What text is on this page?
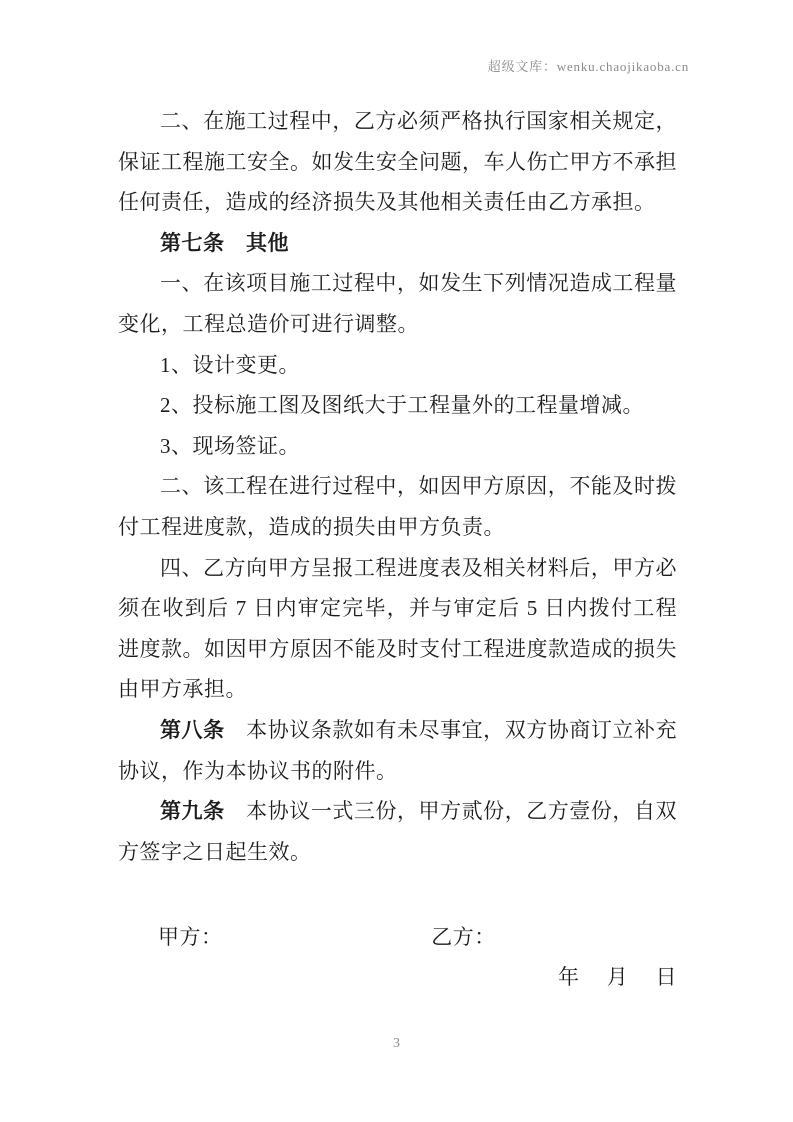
超级文库：wenku.chaojikaoba.cn

二、在施工过程中，乙方必须严格执行国家相关规定，保证工程施工安全。如发生安全问题，车人伤亡甲方不承担任何责任，造成的经济损失及其他相关责任由乙方承担。

第七条　其他

一、在该项目施工过程中，如发生下列情况造成工程量变化，工程总造价可进行调整。

1、设计变更。

2、投标施工图及图纸大于工程量外的工程量增减。

3、现场签证。

二、该工程在进行过程中，如因甲方原因，不能及时拨付工程进度款，造成的损失由甲方负责。

四、乙方向甲方呈报工程进度表及相关材料后，甲方必须在收到后 7 日内审定完毕，并与审定后 5 日内拨付工程进度款。如因甲方原因不能及时支付工程进度款造成的损失由甲方承担。

第八条　本协议条款如有未尽事宜，双方协商订立补充协议，作为本协议书的附件。

第九条　本协议一式三份，甲方贰份，乙方壹份，自双方签字之日起生效。

甲方：	乙方：
年　 月　 日
3
